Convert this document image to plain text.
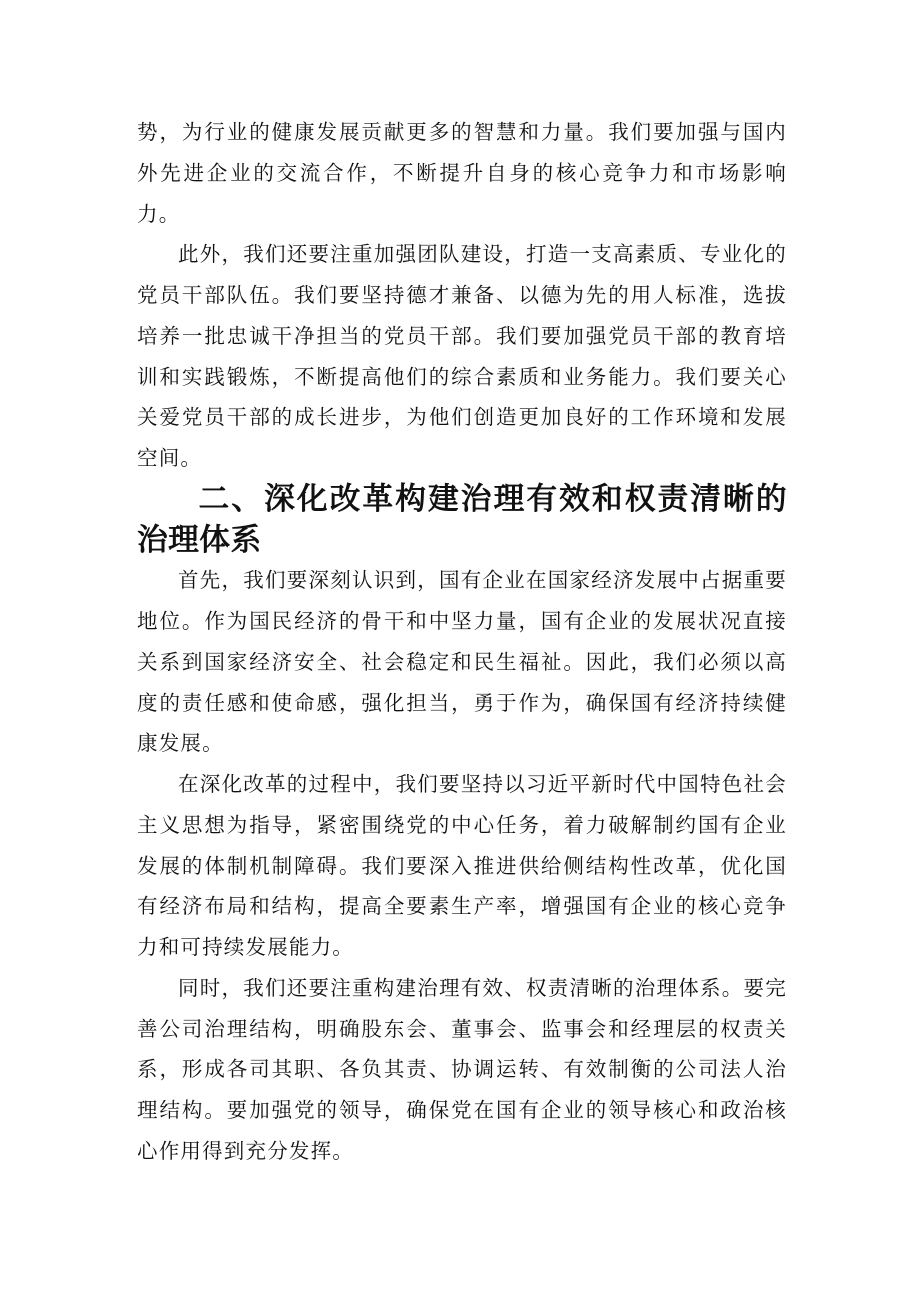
势，为行业的健康发展贡献更多的智慧和力量。我们要加强与国内外先进企业的交流合作，不断提升自身的核心竞争力和市场影响力。

此外，我们还要注重加强团队建设，打造一支高素质、专业化的党员干部队伍。我们要坚持德才兼备、以德为先的用人标准，选拔培养一批忠诚干净担当的党员干部。我们要加强党员干部的教育培训和实践锻炼，不断提高他们的综合素质和业务能力。我们要关心关爱党员干部的成长进步，为他们创造更加良好的工作环境和发展空间。

二、深化改革构建治理有效和权责清晰的治理体系

首先，我们要深刻认识到，国有企业在国家经济发展中占据重要地位。作为国民经济的骨干和中坚力量，国有企业的发展状况直接关系到国家经济安全、社会稳定和民生福祉。因此，我们必须以高度的责任感和使命感，强化担当，勇于作为，确保国有经济持续健康发展。

在深化改革的过程中，我们要坚持以习近平新时代中国特色社会主义思想为指导，紧密围绕党的中心任务，着力破解制约国有企业发展的体制机制障碍。我们要深入推进供给侧结构性改革，优化国有经济布局和结构，提高全要素生产率，增强国有企业的核心竞争力和可持续发展能力。

同时，我们还要注重构建治理有效、权责清晰的治理体系。要完善公司治理结构，明确股东会、董事会、监事会和经理层的权责关系，形成各司其职、各负其责、协调运转、有效制衡的公司法人治理结构。要加强党的领导，确保党在国有企业的领导核心和政治核心作用得到充分发挥。
